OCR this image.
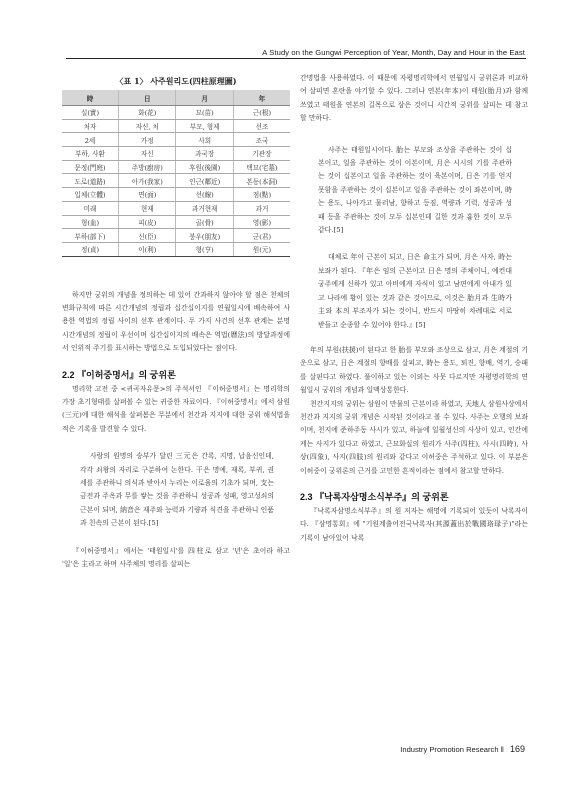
A Study on the Gungwi Perception of Year, Month, Day and Hour in the East
〈표 1〉 사주원리도(四柱原理圖)
時	日	月	年
실(實)	화(花)	묘(苗)	근(根)
처자	자신, 처	부모, 형제	선조
2세	가정	사회	조국
부하, 사환	자신	과국장	기관장
문정(門庭)	주방(廚房)	후원(後園)	택묘(宅墓)
도로(道路)	아가(我家)	인근(鄰近)	본동(本洞)
입체(立體)	면(面)	선(線)	점(點)
미래	현재	과거현재	과거
형(血)	피(皮)	골(骨)	영(影)
부하(部下)	신(臣)	붕우(朋友)	군(君)
정(貞)	이(利)	형(亨)	원(元)

하지만 궁위의 개념을 정의하는 데 있어 간과하지 않아야 할 점은 천체의 변화규칙에 따른 시간개념의 정립과 십간십이지를 연월일시에 배속하여 사용한 역법의 정립 사이의 선후 관계이다. 두 가지 사건의 선후 관계는 분명 시간개념의 정립이 우선이며 십간십이지의 배속은 역법(曆法)의 방달과정에서 인위적 주기를 표시하는 방법으로 도입되었다는 점이다.

2.2 『이허중명서』의 궁위론

명리학 고전 중 <귀곡자유문>의 주석서인 『이허중명서』는 명리학의 가장 초기형태를 살펴볼 수 있는 귀중한 자료이다. 『이허중명서』에서 삼원(三元)에 대한 해석을 살펴봄은 무분에서 천간과 지지에 대한 궁위 해석법을 적은 기록을 발견할 수 있다.

사람의 원명의 승부가 달린 三元은 간록, 지명, 납음신인데, 각각 쇠왕의 자리로 구분하여 논한다. 干은 명예, 재록, 부귀, 권세를 주관하니 의식과 받아서 누리는 이로움의 기초가 되며, 支는 금전과 주옥과 무를 쌓는 것을 주관하니 성공과 성패, 영고성쇠의 근본이 되며, 納音은 재주와 능력과 기량과 식견을 주관하니 인품과 친속의 근본이 된다.[5]

『이허중명서』에서는 '태원일시'를 四柱로 삼고 '년'은 초이라 하고 '일'은 主라고 하며 사주체의 명리를 살피는

간명법을 사용하였다. 이 때문에 자평명리학에서 연월일시 궁위론과 비교하여 살피면 혼란을 야기할 수 있다. 그러나 연본(年本)이 태원(胎月)과 함께 쓰였고 태원을 연본의 길목으로 삼은 것이니 시간적 궁위를 살피는 데 참고할 만하다.

사주는 태원일시이다. 胎는 부모와 조상을 주관하는 것이 십본이고, 일을 주관하는 것이 이본이며, 月은 시시의 기를 주관하는 것이 십본이고 일을 주관하는 것이 육본이며, 日은 기를 얻지 못함을 주관하는 것이 십본이고 일을 주관하는 것이 좌본이며, 時는 용도, 나아가고 물러남, 향하고 등짐, 역량과 기력, 성공과 성패 등을 주관하는 것이 모두 십본인데 길한 것과 흉한 것이 모두 같다.[5]

대체로 年이 근본이 되고, 日은 命主가 되며, 月은 사자, 時는 보좌가 된다. 『年은 임의 근본이고 日은 명의 주체이니, 예컨대 궁주에게 신하가 있고 아비에게 자식이 있고 남편에게 아내가 있고 나라에 황이 있는 것과 같은 것이므로, 이것은 胎月과 生時가 主와 本의 부조자가 되는 것이니, 반드시 마땅히 차례대로 서로 받들고 순종할 수 있어야 한다.』[5]

年의 부원(扶援)이 된다고 한 胎를 부모와 조상으로 삼고, 月은 계절의 기운으로 삼고, 日은 계절의 향배를 살피고, 時는 용도, 퇴진, 향배, 역기, 승패를 살핀다고 하였다. 풀이하고 있는 이외는 사뭇 다르지만 자평명리학의 연월일시 궁위의 개념과 일맥상통한다.

천간지지의 궁위는 삼원이 만물의 근본이라 하였고, 天地人 삼원사상에서 천간과 지지의 궁위 개념은 시작된 것이라고 볼 수 있다. 사주는 오행의 보좌이며, 천지에 준하주동 사시가 있고, 하늘에 일월성신의 사상이 있고, 인간에게는 사지가 있다고 하였고, 근묘화실의 원리가 사주(四柱), 사시(四時), 사상(四象), 사지(四肢)의 원리와 같다고 이허중은 주석하고 있다. 이 부분은 이허중이 궁위론의 근거를 고민한 흔적이라는 점에서 참고할 만하다.

2.3 『낙록자삼명소식부주』의 궁위론

『낙록자삼명소식부주』의 원 저자는 해명에 기록되어 있듯이 낙록자이다. 『삼명통회』에 "기원계출어전국낙록자(其源蓋出於戰國珞琭子)"라는 기록이 남아있어 낙록

Industry Promotion Research ‖ 169
